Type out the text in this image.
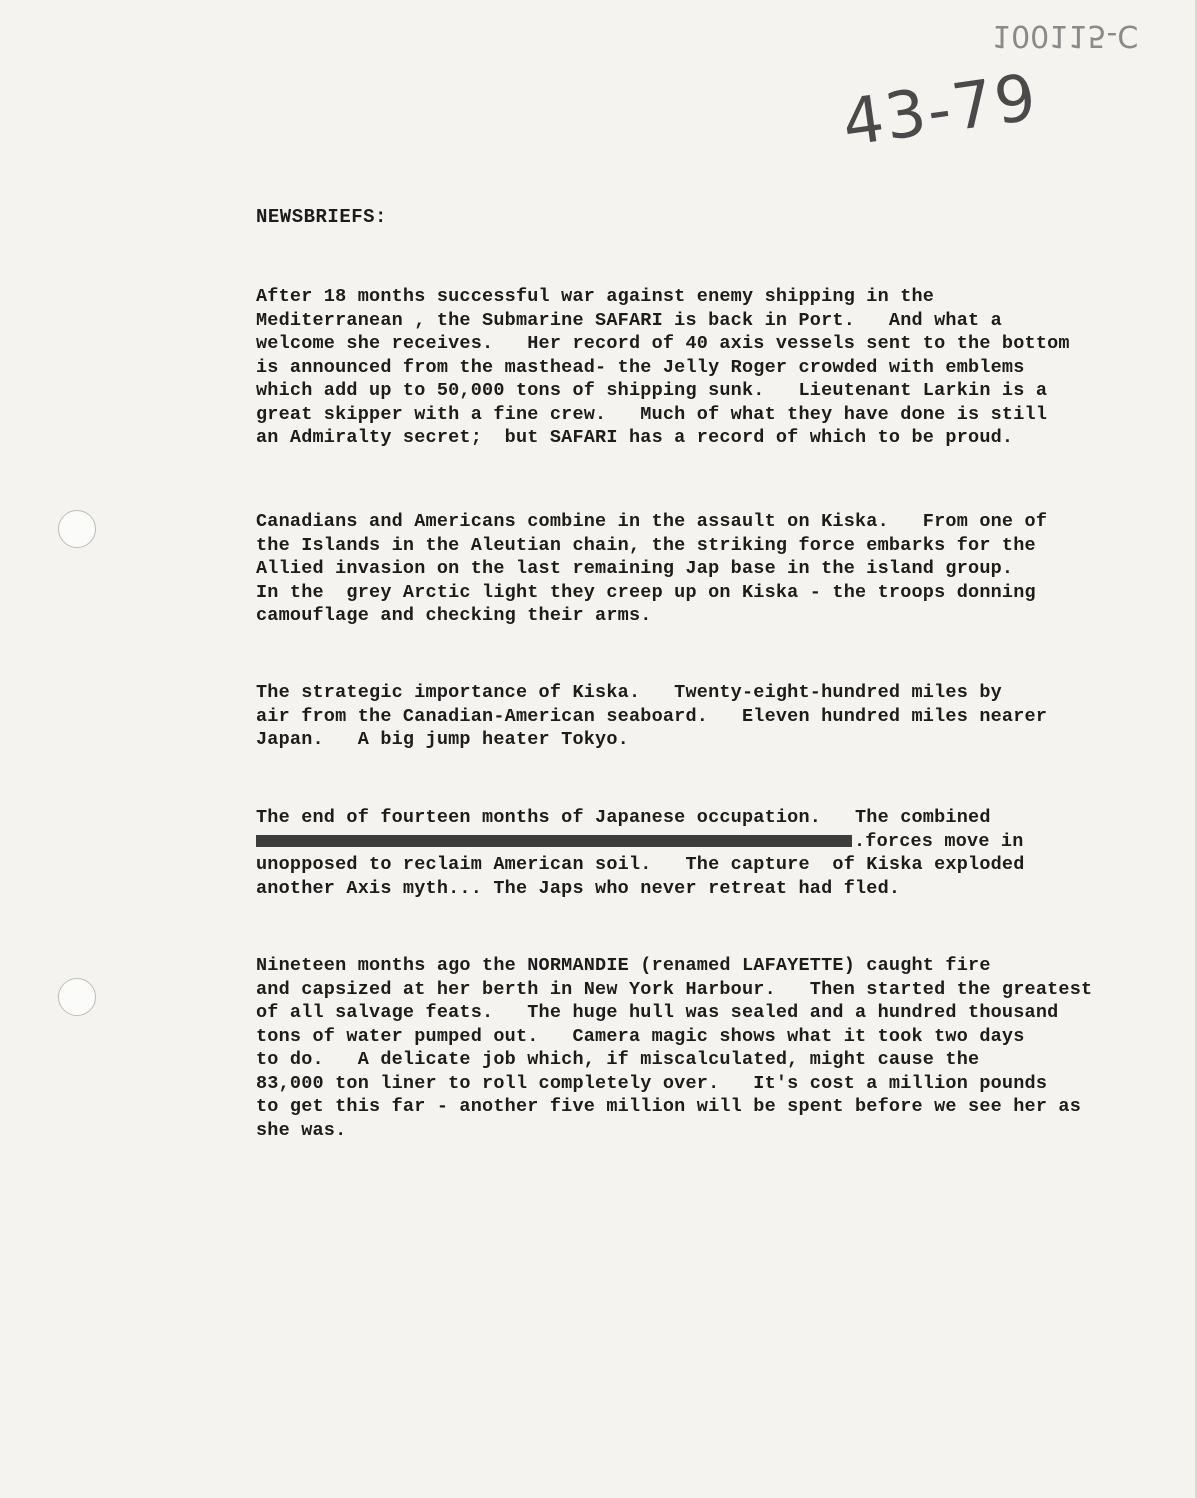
100115-C
43-79
NEWSBRIEFS:
After 18 months successful war against enemy shipping in the
Mediterranean , the Submarine SAFARI is back in Port.   And what a
welcome she receives.   Her record of 40 axis vessels sent to the bottom
is announced from the masthead- the Jelly Roger crowded with emblems
which add up to 50,000 tons of shipping sunk.   Lieutenant Larkin is a
great skipper with a fine crew.   Much of what they have done is still
an Admiralty secret;  but SAFARI has a record of which to be proud.
Canadians and Americans combine in the assault on Kiska.   From one of
the Islands in the Aleutian chain, the striking force embarks for the
Allied invasion on the last remaining Jap base in the island group.
In the  grey Arctic light they creep up on Kiska - the troops donning
camouflage and checking their arms.
The strategic importance of Kiska.   Twenty-eight-hundred miles by
air from the Canadian-American seaboard.   Eleven hundred miles nearer
Japan.   A big jump heater Tokyo.
The end of fourteen months of Japanese occupation.   The combined
.forces move in
unopposed to reclaim American soil.   The capture  of Kiska exploded
another Axis myth... The Japs who never retreat had fled.
Nineteen months ago the NORMANDIE (renamed LAFAYETTE) caught fire
and capsized at her berth in New York Harbour.   Then started the greatest
of all salvage feats.   The huge hull was sealed and a hundred thousand
tons of water pumped out.   Camera magic shows what it took two days
to do.   A delicate job which, if miscalculated, might cause the
83,000 ton liner to roll completely over.   It's cost a million pounds
to get this far - another five million will be spent before we see her as
she was.
